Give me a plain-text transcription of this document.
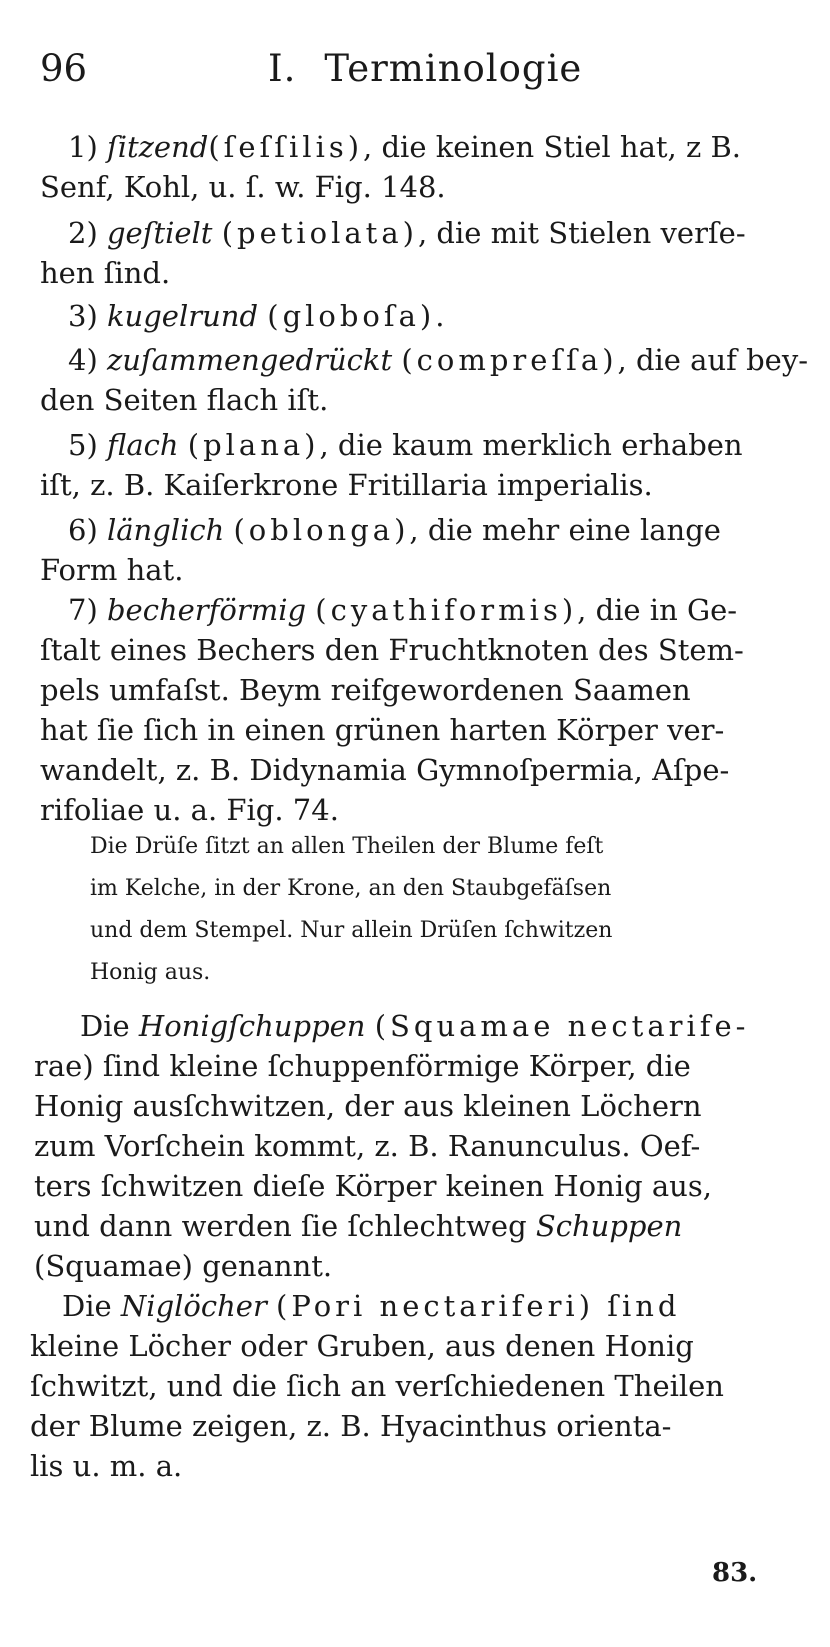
96	I. Terminologie
1) ſitzend(ſeſſilis), die keinen Stiel hat, z B.
Senf, Kohl, u. ſ. w. Fig. 148.
2) geſtielt (petiolata), die mit Stielen verſe-
hen ſind.
3) kugelrund (globoſa).
4) zuſammengedrückt (compreſſa), die auf bey-
den Seiten flach iſt.
5) flach (plana), die kaum merklich erhaben
iſt, z. B. Kaiſerkrone Fritillaria imperialis.
6) länglich (oblonga), die mehr eine lange
Form hat.
7) becherförmig (cyathiformis), die in Ge-
ſtalt eines Bechers den Fruchtknoten des Stem-
pels umfaſst. Beym reifgewordenen Saamen
hat ſie ſich in einen grünen harten Körper ver-
wandelt, z. B. Didynamia Gymnoſpermia, Aſpe-
rifoliae u. a. Fig. 74.
Die Drüſe ſitzt an allen Theilen der Blume feſt
im Kelche, in der Krone, an den Staubgefäſsen
und dem Stempel. Nur allein Drüſen ſchwitzen
Honig aus.
Die Honigſchuppen (Squamae nectarife-
rae) ſind kleine ſchuppenförmige Körper, die
Honig ausſchwitzen, der aus kleinen Löchern
zum Vorſchein kommt, z. B. Ranunculus. Oef-
ters ſchwitzen dieſe Körper keinen Honig aus,
und dann werden ſie ſchlechtweg Schuppen
(Squamae) genannt.
Die Niglöcher (Pori nectariferi) ſind
kleine Löcher oder Gruben, aus denen Honig
ſchwitzt, und die ſich an verſchiedenen Theilen
der Blume zeigen, z. B. Hyacinthus orienta-
lis u. m. a.
83.
